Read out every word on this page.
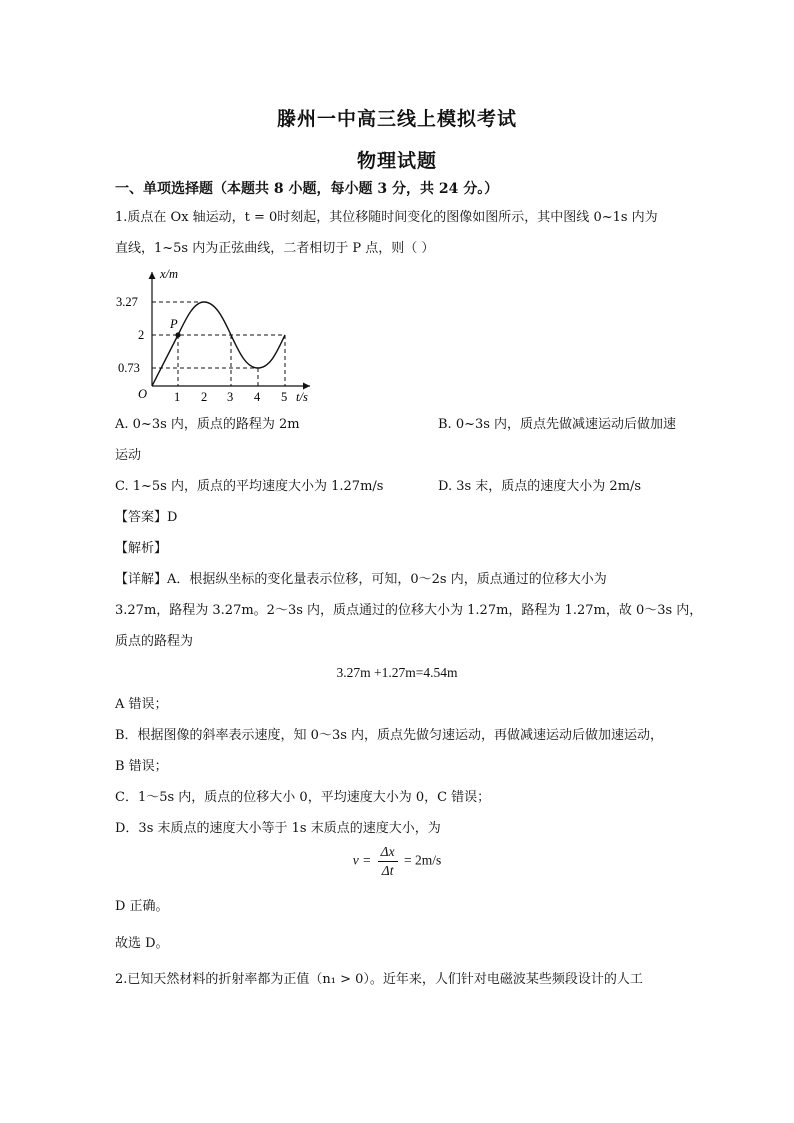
滕州一中高三线上模拟考试
物理试题
一、单项选择题（本题共 8 小题，每小题 3 分，共 24 分。）
1.质点在 Ox 轴运动，t = 0时刻起，其位移随时间变化的图像如图所示，其中图线 0~1s 内为
直线，1~5s 内为正弦曲线，二者相切于 P 点，则（ ）
x/m
t/s
O
P
3.27
2
0.73
1 2 3 4 5
A. 0~3s 内，质点的路程为 2m	B. 0~3s 内，质点先做减速运动后做加速
运动
C. 1~5s 内，质点的平均速度大小为 1.27m/s	D. 3s 末，质点的速度大小为 2m/s
【答案】D
【解析】
【详解】A．根据纵坐标的变化量表示位移，可知，0～2s 内，质点通过的位移大小为
3.27m，路程为 3.27m。2～3s 内，质点通过的位移大小为 1.27m，路程为 1.27m，故 0～3s 内，
质点的路程为
3.27m +1.27m=4.54m
A 错误；
B．根据图像的斜率表示速度，知 0～3s 内，质点先做匀速运动，再做减速运动后做加速运动，
B 错误；
C．1～5s 内，质点的位移大小 0，平均速度大小为 0，C 错误；
D．3s 末质点的速度大小等于 1s 末质点的速度大小，为
$v = \frac{\Delta x}{\Delta t} = 2m/s$
D 正确。
故选 D。
2.已知天然材料的折射率都为正值（n₁ > 0）。近年来，人们针对电磁波某些频段设计的人工
